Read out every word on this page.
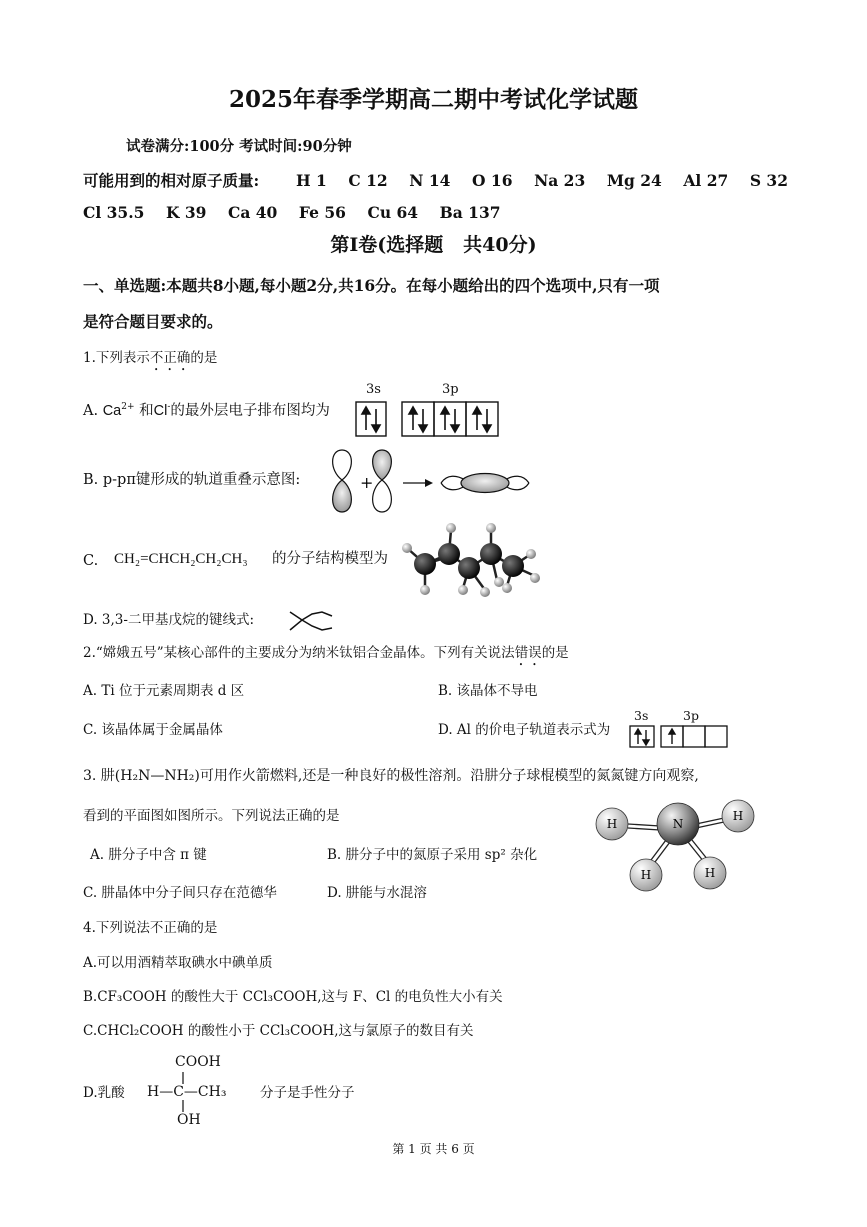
2025年春季学期高二期中考试化学试题
试卷满分:100分 考试时间:90分钟
可能用到的相对原子质量: H 1    C 12    N 14    O 16    Na 23    Mg 24    Al 27    S 32
Cl 35.5    K 39    Ca 40    Fe 56    Cu 64    Ba 137
第Ⅰ卷(选择题   共40分)
一、单选题:本题共8小题,每小题2分,共16分。在每小题给出的四个选项中,只有一项
是符合题目要求的。
1.下列表示不正确的是
A. $Ca^{2+}$ 和Cl-的最外层电子排布图均为
3s	3p
B. p-pπ键形成的轨道重叠示意图:	+
C. CH₂=CHCH₂CH₂CH₃ 的分子结构模型为
D. 3,3-二甲基戊烷的键线式:
2.“嫦娥五号”某核心部件的主要成分为纳米钛铝合金晶体。下列有关说法错误的是
A. Ti 位于元素周期表 d 区	B. 该晶体不导电
C. 该晶体属于金属晶体	D. Al 的价电子轨道表示式为
3s	3p
3. 肼(H₂N—NH₂)可用作火箭燃料,还是一种良好的极性溶剂。沿肼分子球棍模型的氮氮键方向观察,
看到的平面图如图所示。下列说法正确的是
A. 肼分子中含 π 键	B. 肼分子中的氮原子采用 sp² 杂化
C. 肼晶体中分子间只存在范德华	D. 肼能与水混溶
H
H
H	H
N
4.下列说法不正确的是
A.可以用酒精萃取碘水中碘单质
B.CF₃COOH 的酸性大于 CCl₃COOH,这与 F、Cl 的电负性大小有关
C.CHCl₂COOH 的酸性小于 CCl₃COOH,这与氯原子的数目有关
D.乳酸
COOH
H—C—CH₃
OH
分子是手性分子
第 1 页 共 6 页
